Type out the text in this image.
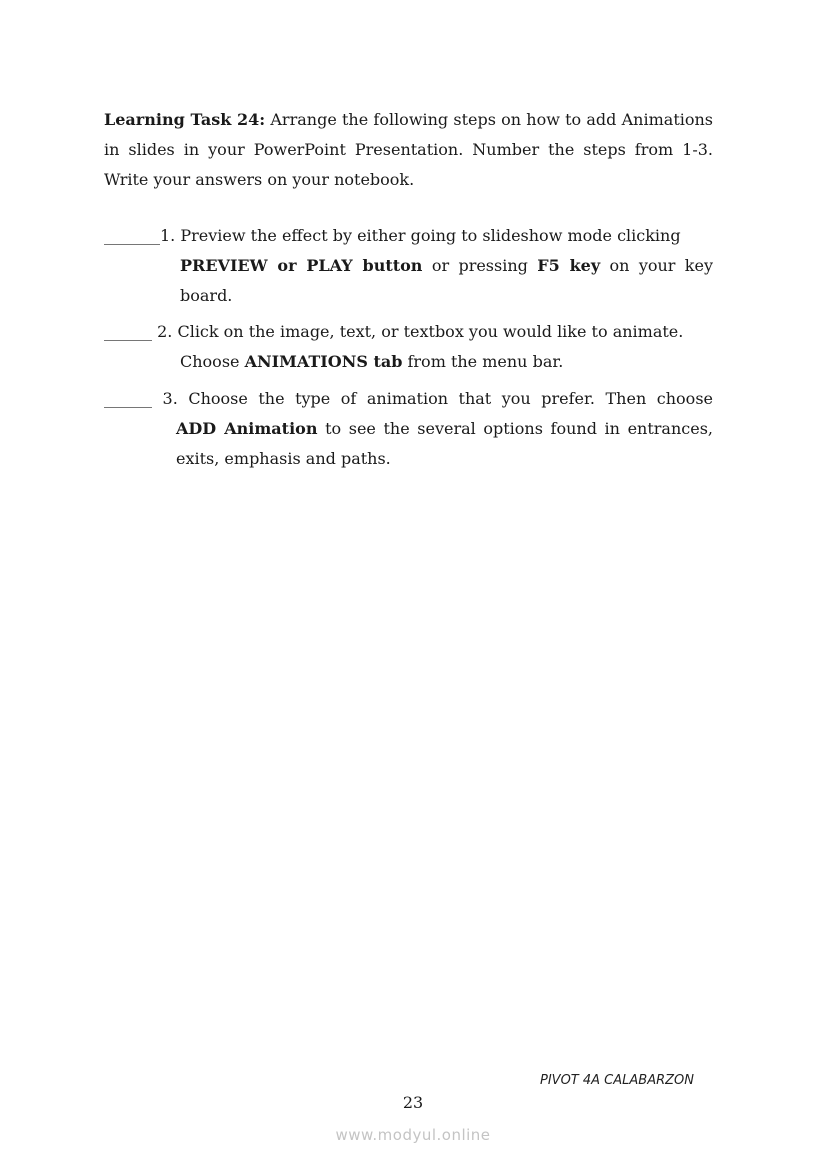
Learning Task 24: Arrange the following steps on how to add Animations in slides in your PowerPoint Presentation. Number the steps from 1-3. Write your answers on your notebook.
_______1. Preview the effect by either going to slideshow mode clicking
PREVIEW or PLAY button or pressing F5 key on your key board.
______ 2. Click on the image, text, or textbox you would like to animate.
Choose ANIMATIONS tab from the menu bar.
______ 3. Choose the type of animation that you prefer. Then choose
ADD Animation to see the several options found in entrances, exits, emphasis and paths.
PIVOT 4A CALABARZON
23
www.modyul.online
